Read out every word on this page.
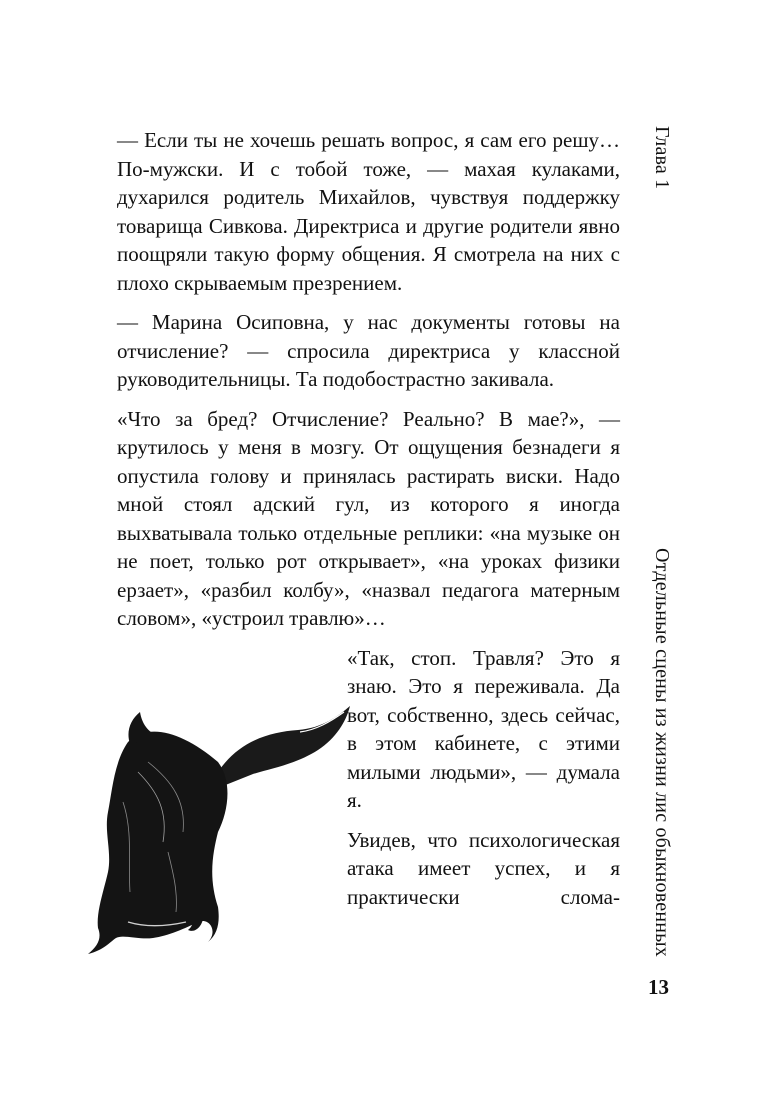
Глава 1
Отдельные сцены из жизни лис обыкновенных

— Если ты не хочешь решать вопрос, я сам его решу… По-мужски. И с тобой тоже, — махая кулаками, духарился родитель Михайлов, чувствуя поддержку товарища Сивкова. Директриса и другие родители явно поощряли такую форму общения. Я смотрела на них с плохо скрываемым презрением.

— Марина Осиповна, у нас документы готовы на отчисление? — спросила директриса у классной руководительницы. Та подобострастно закивала.

«Что за бред? Отчисление? Реально? В мае?», — крутилось у меня в мозгу. От ощущения безнадеги я опустила голову и принялась растирать виски. Надо мной стоял адский гул, из которого я иногда выхватывала только отдельные реплики: «на музыке он не поет, только рот открывает», «на уроках физики ерзает», «разбил колбу», «назвал педагога матерным словом», «устроил травлю»…

«Так, стоп. Травля? Это я знаю. Это я переживала. Да вот, собственно, здесь сейчас, в этом кабинете, с этими милыми людьми», — думала я.

Увидев, что психологическая атака имеет успех, и я практически слома-

13
